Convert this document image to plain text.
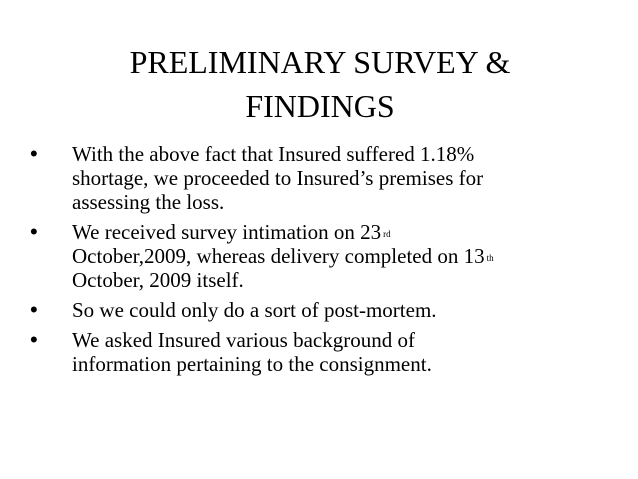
PRELIMINARY SURVEY &
FINDINGS
•	With the above fact that Insured suffered 1.18%
shortage, we proceeded to Insured’s premises for
assessing the loss.
•	We received survey intimation on 23 $^{rd}$
October,2009, whereas delivery completed on 13 $^{th}$
October, 2009 itself.
•	So we could only do a sort of post-mortem.
•	We asked Insured various background of
information pertaining to the consignment.
